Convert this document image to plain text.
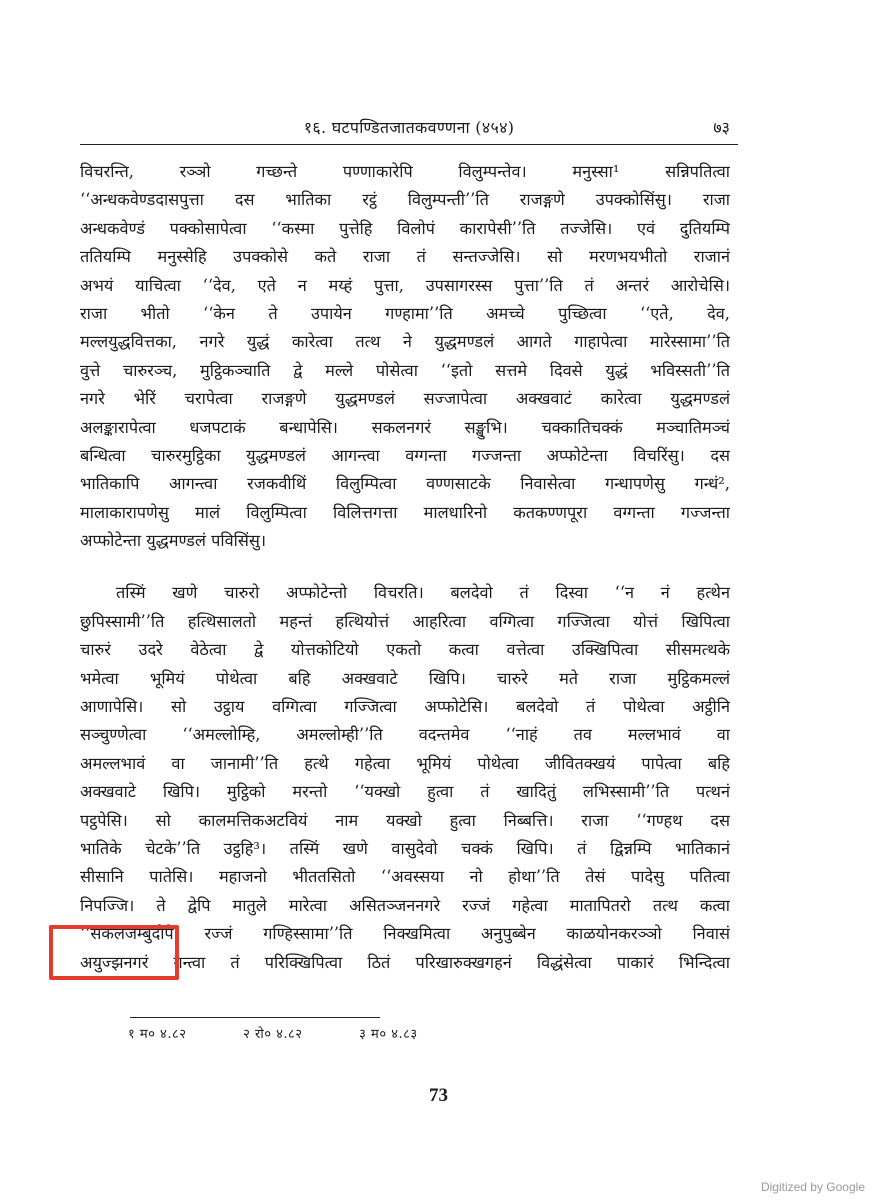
१६. घटपण्डितजातकवण्णना (४५४)	७३
विचरन्ति, रञ्ञो गच्छन्ते पण्णाकारेपि विलुम्पन्तेव। मनुस्सा¹ सन्निपतित्वा
‘‘अन्धकवेण्डदासपुत्ता दस भातिका रट्ठं विलुम्पन्ती’’ति राजङ्गणे उपक्कोसिंसु। राजा
अन्धकवेण्डं पक्कोसापेत्वा ‘‘कस्मा पुत्तेहि विलोपं कारापेसी’’ति तज्जेसि। एवं दुतियम्पि
ततियम्पि मनुस्सेहि उपक्कोसे कते राजा तं सन्तज्जेसि। सो मरणभयभीतो राजानं
अभयं याचित्वा ‘‘देव, एते न मय्हं पुत्ता, उपसागरस्स पुत्ता’’ति तं अन्तरं आरोचेसि।
राजा भीतो ‘‘केन ते उपायेन गण्हामा’’ति अमच्चे पुच्छित्वा ‘‘एते, देव,
मल्लयुद्धवित्तका, नगरे युद्धं कारेत्वा तत्थ ने युद्धमण्डलं आगते गाहापेत्वा मारेस्सामा’’ति
वुत्ते चारुरञ्च, मुट्ठिकञ्चाति द्वे मल्ले पोसेत्वा ‘‘इतो सत्तमे दिवसे युद्धं भविस्सती’’ति
नगरे भेरिं चरापेत्वा राजङ्गणे युद्धमण्डलं सज्जापेत्वा अक्खवाटं कारेत्वा युद्धमण्डलं
अलङ्कारापेत्वा धजपटाकं बन्धापेसि। सकलनगरं सङ्खुभि। चक्कातिचक्कं मञ्चातिमञ्चं
बन्धित्वा चारुरमुट्ठिका युद्धमण्डलं आगन्त्वा वग्गन्ता गज्जन्ता अप्फोटेन्ता विचरिंसु। दस
भातिकापि आगन्त्वा रजकवीथिं विलुम्पित्वा वण्णसाटके निवासेत्वा गन्धापणेसु गन्धं²,
मालाकारापणेसु मालं विलुम्पित्वा विलित्तगत्ता मालधारिनो कतकण्णपूरा वग्गन्ता गज्जन्ता
अप्फोटेन्ता युद्धमण्डलं पविसिंसु।
तस्मिं खणे चारुरो अप्फोटेन्तो विचरति। बलदेवो तं दिस्वा ‘‘न नं हत्थेन
छुपिस्सामी’’ति हत्थिसालतो महन्तं हत्थियोत्तं आहरित्वा वग्गित्वा गज्जित्वा योत्तं खिपित्वा
चारुरं उदरे वेठेत्वा द्वे योत्तकोटियो एकतो कत्वा वत्तेत्वा उक्खिपित्वा सीसमत्थके
भमेत्वा भूमियं पोथेत्वा बहि अक्खवाटे खिपि। चारुरे मते राजा मुट्ठिकमल्लं
आणापेसि। सो उट्ठाय वग्गित्वा गज्जित्वा अप्फोटेसि। बलदेवो तं पोथेत्वा अट्ठीनि
सञ्चुण्णेत्वा ‘‘अमल्लोम्हि, अमल्लोम्ही’’ति वदन्तमेव ‘‘नाहं तव मल्लभावं वा
अमल्लभावं वा जानामी’’ति हत्थे गहेत्वा भूमियं पोथेत्वा जीवितक्खयं पापेत्वा बहि
अक्खवाटे खिपि। मुट्ठिको मरन्तो ‘‘यक्खो हुत्वा तं खादितुं लभिस्सामी’’ति पत्थनं
पट्ठपेसि। सो कालमत्तिकअटवियं नाम यक्खो हुत्वा निब्बत्ति। राजा ‘‘गण्हथ दस
भातिके चेटके’’ति उट्ठहि³। तस्मिं खणे वासुदेवो चक्कं खिपि। तं द्विन्नम्पि भातिकानं
सीसानि पातेसि। महाजनो भीततसितो ‘‘अवस्सया नो होथा’’ति तेसं पादेसु पतित्वा
निपज्जि। ते द्वेपि मातुले मारेत्वा असितञ्जननगरे रज्जं गहेत्वा मातापितरो तत्थ कत्वा
‘‘सकलजम्बुदीपे रज्जं गण्हिस्सामा’’ति निक्खमित्वा अनुपुब्बेन काळयोनकरञ्ञो निवासं
अयुज्झनगरं गन्त्वा तं परिक्खिपित्वा ठितं परिखारुक्खगहनं विद्धंसेत्वा पाकारं भिन्दित्वा
१ म० ४.८२	२ रो० ४.८२	३ म० ४.८३
73
Digitized by Google
